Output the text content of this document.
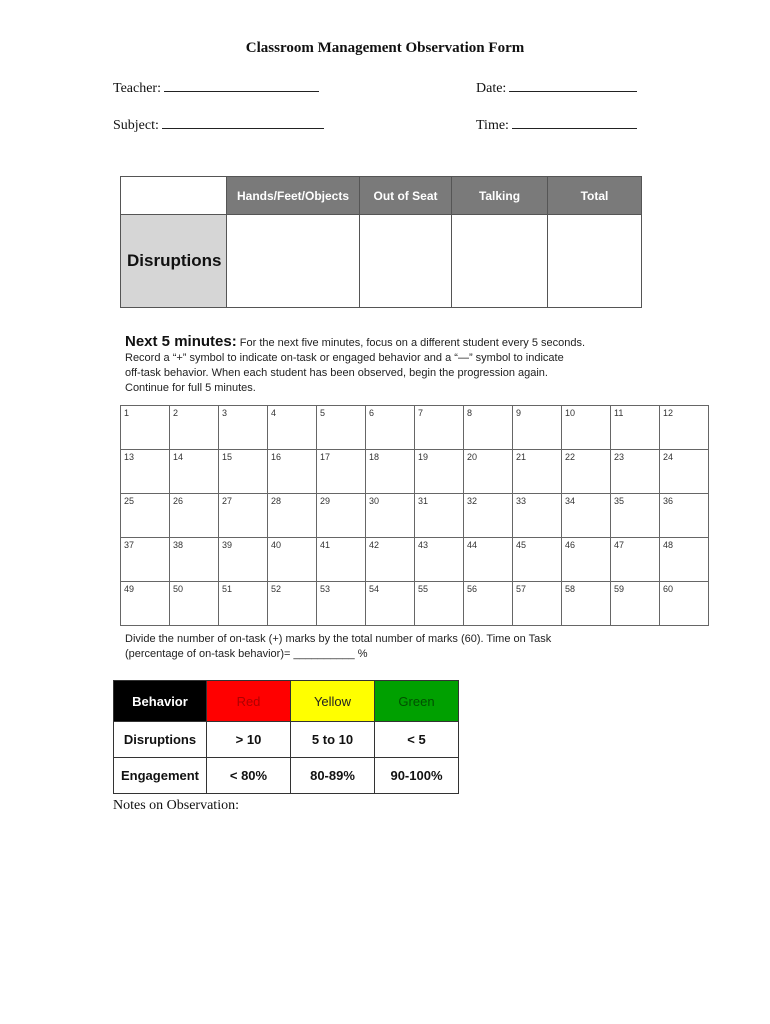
Classroom Management Observation Form
Teacher:	Date:
Subject:	Time:
	Hands/Feet/Objects	Out of Seat	Talking	Total
Disruptions				
Next 5 minutes: For the next five minutes, focus on a different student every 5 seconds.
Record a “+” symbol to indicate on-task or engaged behavior and a “—” symbol to indicate
off-task behavior. When each student has been observed, begin the progression again.
Continue for full 5 minutes.
1	2	3	4	5	6	7	8	9	10	11	12
13	14	15	16	17	18	19	20	21	22	23	24
25	26	27	28	29	30	31	32	33	34	35	36
37	38	39	40	41	42	43	44	45	46	47	48
49	50	51	52	53	54	55	56	57	58	59	60
Divide the number of on-task (+) marks by the total number of marks (60). Time on Task
(percentage of on-task behavior)= __________ %
Behavior	Red	Yellow	Green
Disruptions	> 10	5 to 10	< 5
Engagement	< 80%	80-89%	90-100%
Notes on Observation:
